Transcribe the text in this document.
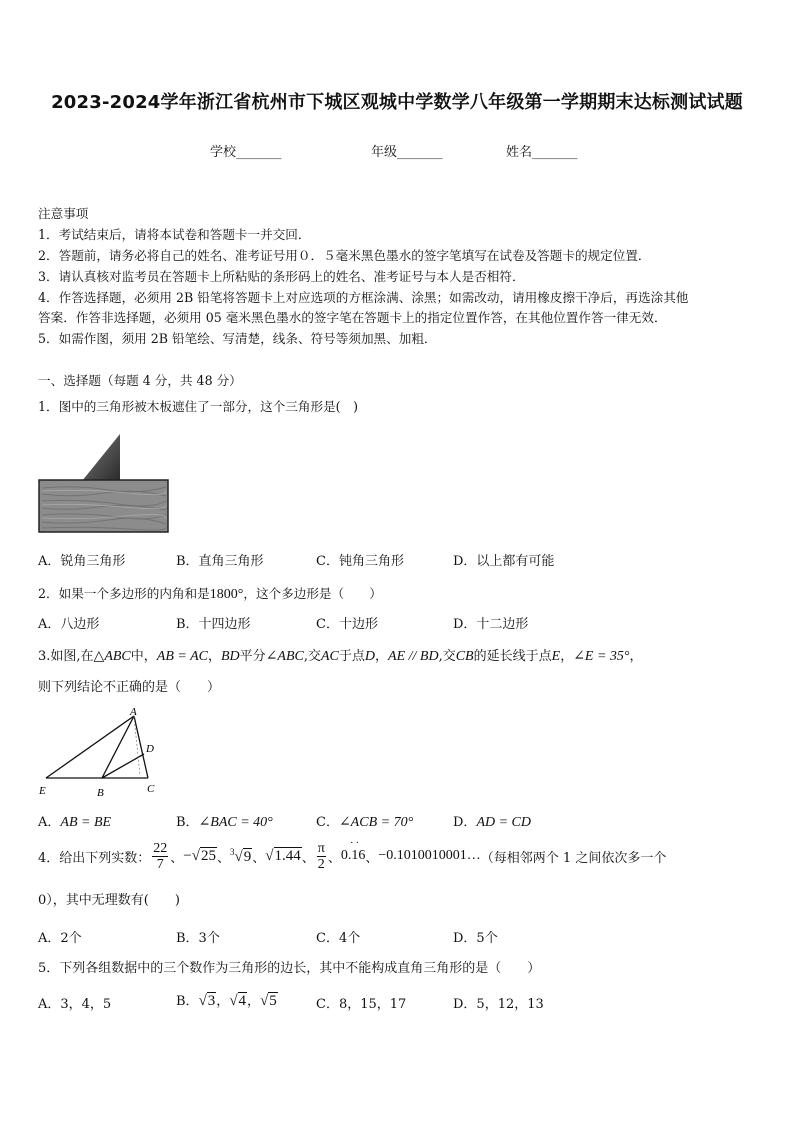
2023-2024学年浙江省杭州市下城区观城中学数学八年级第一学期期末达标测试试题
学校_______	年级_______	姓名_______
注意事项
1．考试结束后，请将本试卷和答题卡一并交回．
2．答题前，请务必将自己的姓名、准考证号用０．５毫米黑色墨水的签字笔填写在试卷及答题卡的规定位置．
3．请认真核对监考员在答题卡上所粘贴的条形码上的姓名、准考证号与本人是否相符．
4．作答选择题，必须用 2B 铅笔将答题卡上对应选项的方框涂满、涂黑；如需改动，请用橡皮擦干净后，再选涂其他
答案．作答非选择题，必须用 05 毫米黑色墨水的签字笔在答题卡上的指定位置作答，在其他位置作答一律无效．
5．如需作图，须用 2B 铅笔绘、写清楚，线条、符号等须加黑、加粗．
一、选择题（每题 4 分，共 48 分）
1．图中的三角形被木板遮住了一部分，这个三角形是(　)
A．锐角三角形	B．直角三角形	C．钝角三角形	D．以上都有可能
2．如果一个多边形的内角和是1800°，这个多边形是（　　）
A．八边形	B．十四边形	C．十边形	D．十二边形
3.如图,在△ABC中，AB = AC，BD平分∠ABC,交AC于点D，AE // BD,交CB的延长线于点E，∠E = 35°，
则下列结论不正确的是（　　）
A
D
E	B	C
A．AB = BE	B．∠BAC = 40°	C．∠ACB = 70°	D．AD = CD
4．给出下列实数： $\frac{22}{7}$ 、 −√25 、 $^3$√9 、 √1.44 、 $\frac{\pi}{2}$ 、
··
0.16 、 −0.1010010001… （每相邻两个 1 之间依次多一个
0），其中无理数有(　　)
A．2个	B．3个	C．4个	D．5个
5．下列各组数据中的三个数作为三角形的边长，其中不能构成直角三角形的是（　　）
A．3，4，5	B．√3，√4，√5	C．8，15，17	D．5，12，13
